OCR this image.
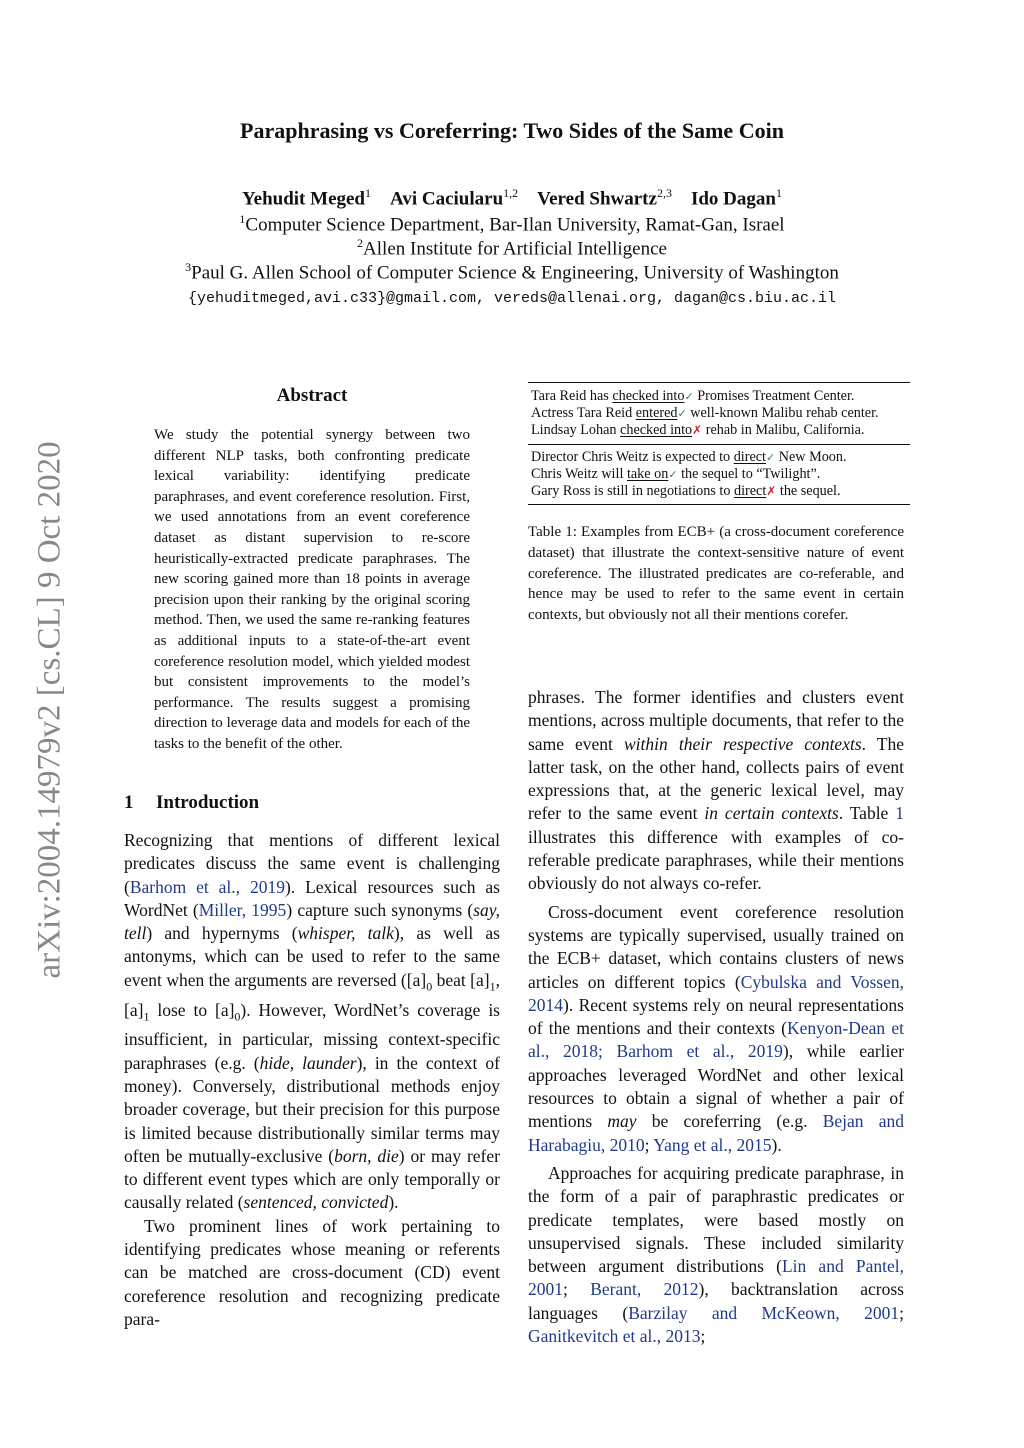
Paraphrasing vs Coreferring: Two Sides of the Same Coin
Yehudit Meged$^1$ Avi Caciularu$^{1,2}$ Vered Shwartz$^{2,3}$ Ido Dagan$^1$
$^1$Computer Science Department, Bar-Ilan University, Ramat-Gan, Israel
$^2$Allen Institute for Artificial Intelligence
$^3$Paul G. Allen School of Computer Science & Engineering, University of Washington
{yehuditmeged,avi.c33}@gmail.com, vereds@allenai.org, dagan@cs.biu.ac.il
arXiv:2004.14979v2 [cs.CL] 9 Oct 2020
Abstract
We study the potential synergy between two different NLP tasks, both confronting predicate lexical variability: identifying predicate paraphrases, and event coreference resolution. First, we used annotations from an event coreference dataset as distant supervision to re-score heuristically-extracted predicate paraphrases. The new scoring gained more than 18 points in average precision upon their ranking by the original scoring method. Then, we used the same re-ranking features as additional inputs to a state-of-the-art event coreference resolution model, which yielded modest but consistent improvements to the model’s performance. The results suggest a promising direction to leverage data and models for each of the tasks to the benefit of the other.
1 Introduction

Recognizing that mentions of different lexical predicates discuss the same event is challenging (Barhom et al., 2019). Lexical resources such as WordNet (Miller, 1995) capture such synonyms (say, tell) and hypernyms (whisper, talk), as well as antonyms, which can be used to refer to the same event when the arguments are reversed ($[a]_0$ beat $[a]_1$, $[a]_1$ lose to $[a]_0$). However, WordNet’s coverage is insufficient, in particular, missing context-specific paraphrases (e.g. (hide, launder), in the context of money). Conversely, distributional methods enjoy broader coverage, but their precision for this purpose is limited because distributionally similar terms may often be mutually-exclusive (born, die) or may refer to different event types which are only temporally or causally related (sentenced, convicted).

Two prominent lines of work pertaining to identifying predicates whose meaning or referents can be matched are cross-document (CD) event coreference resolution and recognizing predicate para-

Tara Reid has checked into✓ Promises Treatment Center.
Actress Tara Reid entered✓ well-known Malibu rehab center.
Lindsay Lohan checked into✗ rehab in Malibu, California.
Director Chris Weitz is expected to direct✓ New Moon.
Chris Weitz will take on✓ the sequel to “Twilight”.
Gary Ross is still in negotiations to direct✗ the sequel.
Table 1: Examples from ECB+ (a cross-document coreference dataset) that illustrate the context-sensitive nature of event coreference. The illustrated predicates are co-referable, and hence may be used to refer to the same event in certain contexts, but obviously not all their mentions corefer.

phrases. The former identifies and clusters event mentions, across multiple documents, that refer to the same event within their respective contexts. The latter task, on the other hand, collects pairs of event expressions that, at the generic lexical level, may refer to the same event in certain contexts. Table 1 illustrates this difference with examples of co-referable predicate paraphrases, while their mentions obviously do not always co-refer.

Cross-document event coreference resolution systems are typically supervised, usually trained on the ECB+ dataset, which contains clusters of news articles on different topics (Cybulska and Vossen, 2014). Recent systems rely on neural representations of the mentions and their contexts (Kenyon-Dean et al., 2018; Barhom et al., 2019), while earlier approaches leveraged WordNet and other lexical resources to obtain a signal of whether a pair of mentions may be coreferring (e.g. Bejan and Harabagiu, 2010; Yang et al., 2015).

Approaches for acquiring predicate paraphrase, in the form of a pair of paraphrastic predicates or predicate templates, were based mostly on unsupervised signals. These included similarity between argument distributions (Lin and Pantel, 2001; Berant, 2012), backtranslation across languages (Barzilay and McKeown, 2001; Ganitkevitch et al., 2013;
